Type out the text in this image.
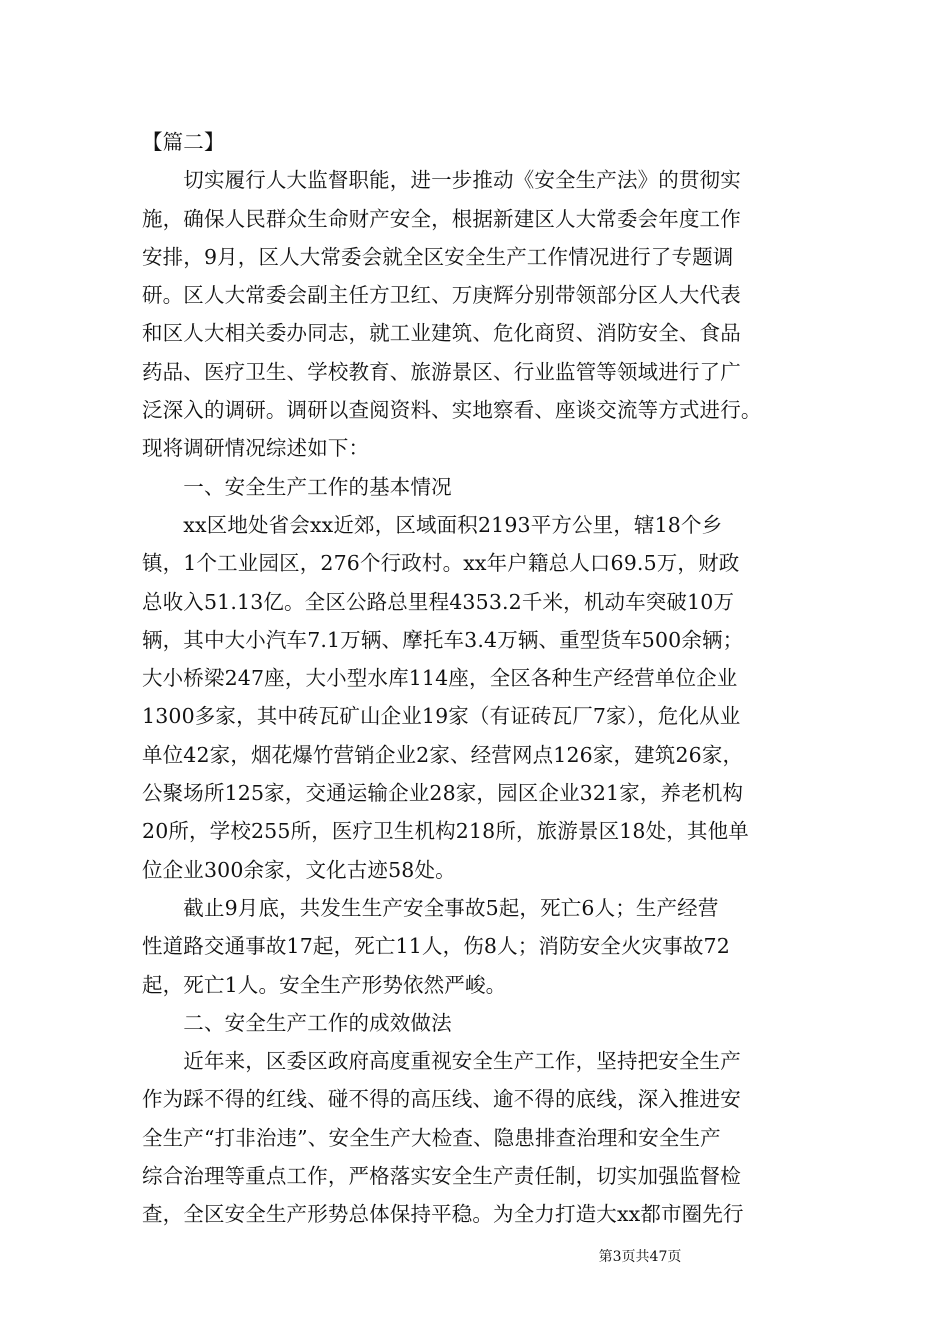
【篇二】
　　切实履行人大监督职能，进一步推动《安全生产法》的贯彻实
施，确保人民群众生命财产安全，根据新建区人大常委会年度工作
安排，9月，区人大常委会就全区安全生产工作情况进行了专题调
研。区人大常委会副主任方卫红、万庚辉分别带领部分区人大代表
和区人大相关委办同志，就工业建筑、危化商贸、消防安全、食品
药品、医疗卫生、学校教育、旅游景区、行业监管等领域进行了广
泛深入的调研。调研以查阅资料、实地察看、座谈交流等方式进行。
现将调研情况综述如下：
　　一、安全生产工作的基本情况
　　xx区地处省会xx近郊，区域面积2193平方公里，辖18个乡
镇，1个工业园区，276个行政村。xx年户籍总人口69.5万，财政
总收入51.13亿。全区公路总里程4353.2千米，机动车突破10万
辆，其中大小汽车7.1万辆、摩托车3.4万辆、重型货车500余辆；
大小桥梁247座，大小型水库114座，全区各种生产经营单位企业
1300多家，其中砖瓦矿山企业19家（有证砖瓦厂7家），危化从业
单位42家，烟花爆竹营销企业2家、经营网点126家，建筑26家，
公聚场所125家，交通运输企业28家，园区企业321家，养老机构
20所，学校255所，医疗卫生机构218所，旅游景区18处，其他单
位企业300余家，文化古迹58处。
　　截止9月底，共发生生产安全事故5起，死亡6人；生产经营
性道路交通事故17起，死亡11人，伤8人；消防安全火灾事故72
起，死亡1人。安全生产形势依然严峻。
　　二、安全生产工作的成效做法
　　近年来，区委区政府高度重视安全生产工作，坚持把安全生产
作为踩不得的红线、碰不得的高压线、逾不得的底线，深入推进安
全生产“打非治违”、安全生产大检查、隐患排查治理和安全生产
综合治理等重点工作，严格落实安全生产责任制，切实加强监督检
查，全区安全生产形势总体保持平稳。为全力打造大xx都市圈先行
第3页共47页
